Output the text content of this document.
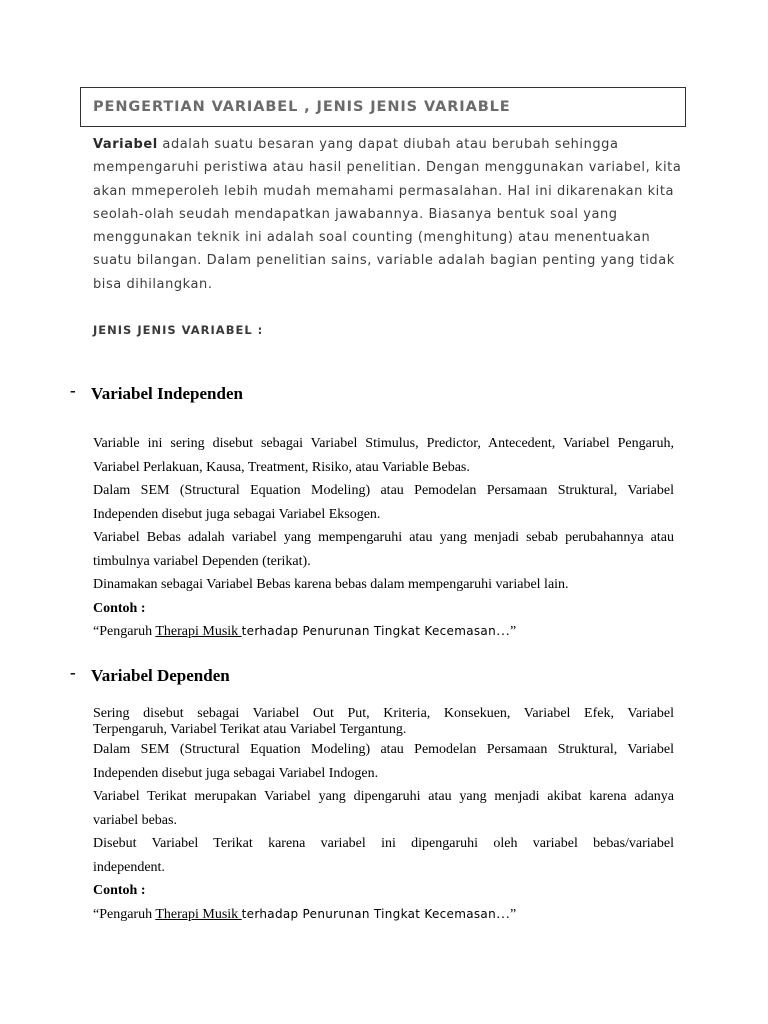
PENGERTIAN VARIABEL , JENIS JENIS VARIABLE
Variabel adalah suatu besaran yang dapat diubah atau berubah sehingga
mempengaruhi peristiwa atau hasil penelitian. Dengan menggunakan variabel, kita
akan mmeperoleh lebih mudah memahami permasalahan. Hal ini dikarenakan kita
seolah-olah seudah mendapatkan jawabannya. Biasanya bentuk soal yang
menggunakan teknik ini adalah soal counting (menghitung) atau menentuakan
suatu bilangan. Dalam penelitian sains, variable adalah bagian penting yang tidak
bisa dihilangkan.
JENIS JENIS VARIABEL :
- Variabel Independen
Variable ini sering disebut sebagai Variabel Stimulus, Predictor, Antecedent, Variabel Pengaruh,
Variabel Perlakuan, Kausa, Treatment, Risiko, atau Variable Bebas.
Dalam SEM (Structural Equation Modeling) atau Pemodelan Persamaan Struktural, Variabel
Independen disebut juga sebagai Variabel Eksogen.
Variabel Bebas adalah variabel yang mempengaruhi atau yang menjadi sebab perubahannya atau
timbulnya variabel Dependen (terikat).
Dinamakan sebagai Variabel Bebas karena bebas dalam mempengaruhi variabel lain.
Contoh :
“Pengaruh Therapi Musik terhadap Penurunan Tingkat Kecemasan…”
- Variabel Dependen
Sering disebut sebagai Variabel Out Put, Kriteria, Konsekuen, Variabel Efek, Variabel
Terpengaruh, Variabel Terikat atau Variabel Tergantung.
Dalam SEM (Structural Equation Modeling) atau Pemodelan Persamaan Struktural, Variabel
Independen disebut juga sebagai Variabel Indogen.
Variabel Terikat merupakan Variabel yang dipengaruhi atau yang menjadi akibat karena adanya
variabel bebas.
Disebut Variabel Terikat karena variabel ini dipengaruhi oleh variabel bebas/variabel
independent.
Contoh :
“Pengaruh Therapi Musik terhadap Penurunan Tingkat Kecemasan…”
